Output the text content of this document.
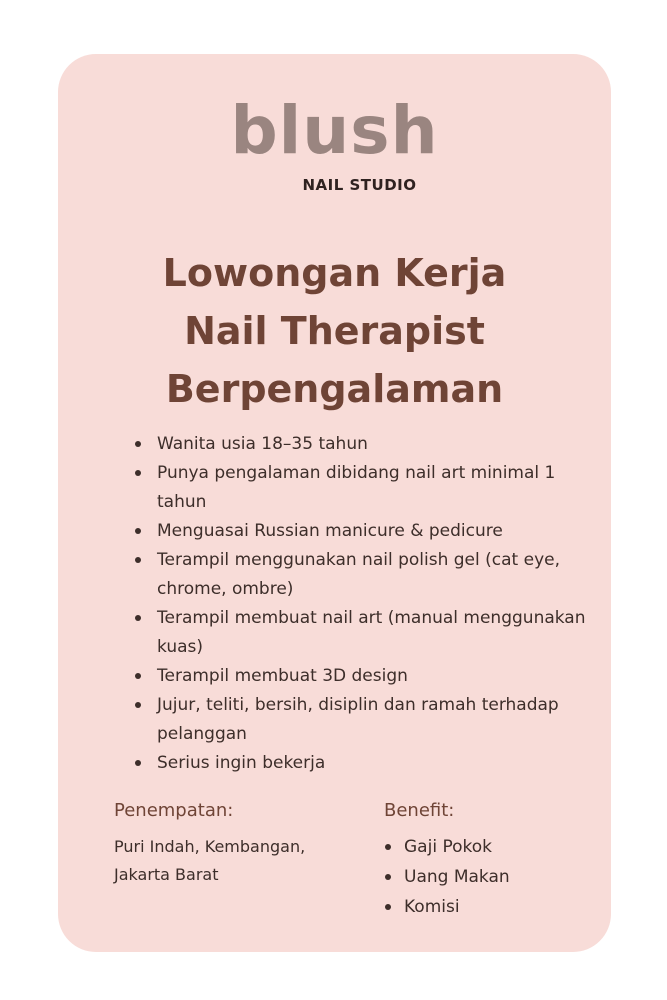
blush
NAIL STUDIO
Lowongan Kerja
Nail Therapist
Berpengalaman
Wanita usia 18–35 tahun
Punya pengalaman dibidang nail art minimal 1 tahun
Menguasai Russian manicure & pedicure
Terampil menggunakan nail polish gel (cat eye, chrome, ombre)
Terampil membuat nail art (manual menggunakan kuas)
Terampil membuat 3D design
Jujur, teliti, bersih, disiplin dan ramah terhadap pelanggan
Serius ingin bekerja
Penempatan:
Puri Indah, Kembangan,
Jakarta Barat
Benefit:
Gaji Pokok
Uang Makan
Komisi
